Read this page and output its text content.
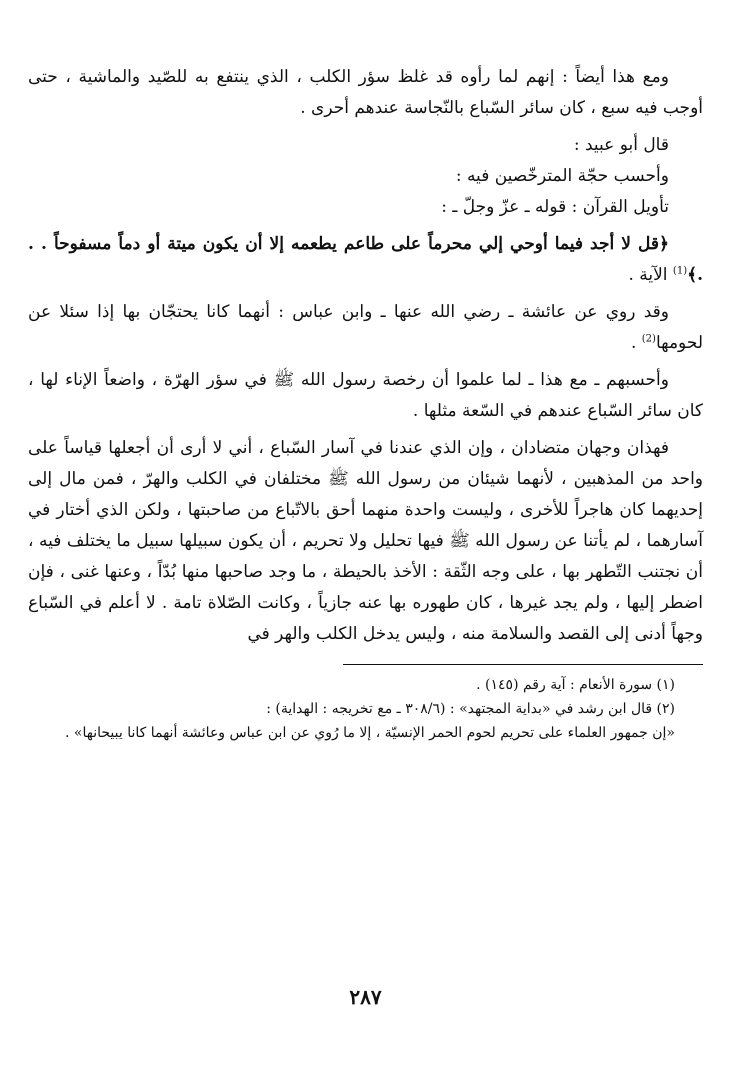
ومع هذا أيضاً : إنهم لما رأوه قد غلظ سؤر الكلب ، الذي ينتفع به للصّيد والماشية ، حتى أوجب فيه سبع ، كان سائر السّباع بالنّجاسة عندهم أحرى .

قال أبو عبيد :
وأحسب حجّة المترخّصين فيه :
تأويل القرآن : قوله ـ عزّ وجلّ ـ :

﴿قل لا أجد فيما أوحي إلي محرماً على طاعم يطعمه إلا أن يكون ميتة أو دماً مسفوحاً . . .﴾$^{(1)}$ الآية .

وقد روي عن عائشة ـ رضي الله عنها ـ وابن عباس : أنهما كانا يحتجّان بها إذا سئلا عن لحومها$^{(2)}$ .

وأحسبهم ـ مع هذا ـ لما علموا أن رخصة رسول الله ﷺ في سؤر الهرّة ، واضعاً الإناء لها ، كان سائر السّباع عندهم في السّعة مثلها .

فهذان وجهان متضادان ، وإن الذي عندنا في آسار السّباع ، أني لا أرى أن أجعلها قياساً على واحد من المذهبين ، لأنهما شيئان من رسول الله ﷺ مختلفان في الكلب والهرّ ، فمن مال إلى إحديهما كان هاجراً للأخرى ، وليست واحدة منهما أحق بالاتّباع من صاحبتها ، ولكن الذي أختار في آسارهما ، لم يأتنا عن رسول الله ﷺ فيها تحليل ولا تحريم ، أن يكون سبيلها سبيل ما يختلف فيه ، أن نجتنب التّطهر بها ، على وجه الثّقة : الأخذ بالحيطة ، ما وجد صاحبها منها بُدّاً ، وعنها غنى ، فإن اضطر إليها ، ولم يجد غيرها ، كان طهوره بها عنه جازياً ، وكانت الصّلاة تامة . لا أعلم في السّباع وجهاً أدنى إلى القصد والسلامة منه ، وليس يدخل الكلب والهر في

(١) سورة الأنعام : آية رقم (١٤٥) .

(٢) قال ابن رشد في «بداية المجتهد» : (٣٠٨/٦ ـ مع تخريجه : الهداية) :

«إن جمهور العلماء على تحريم لحوم الحمر الإنسيّة ، إلا ما رُوي عن ابن عباس وعائشة أنهما كانا يبيحانها» .

٢٨٧
